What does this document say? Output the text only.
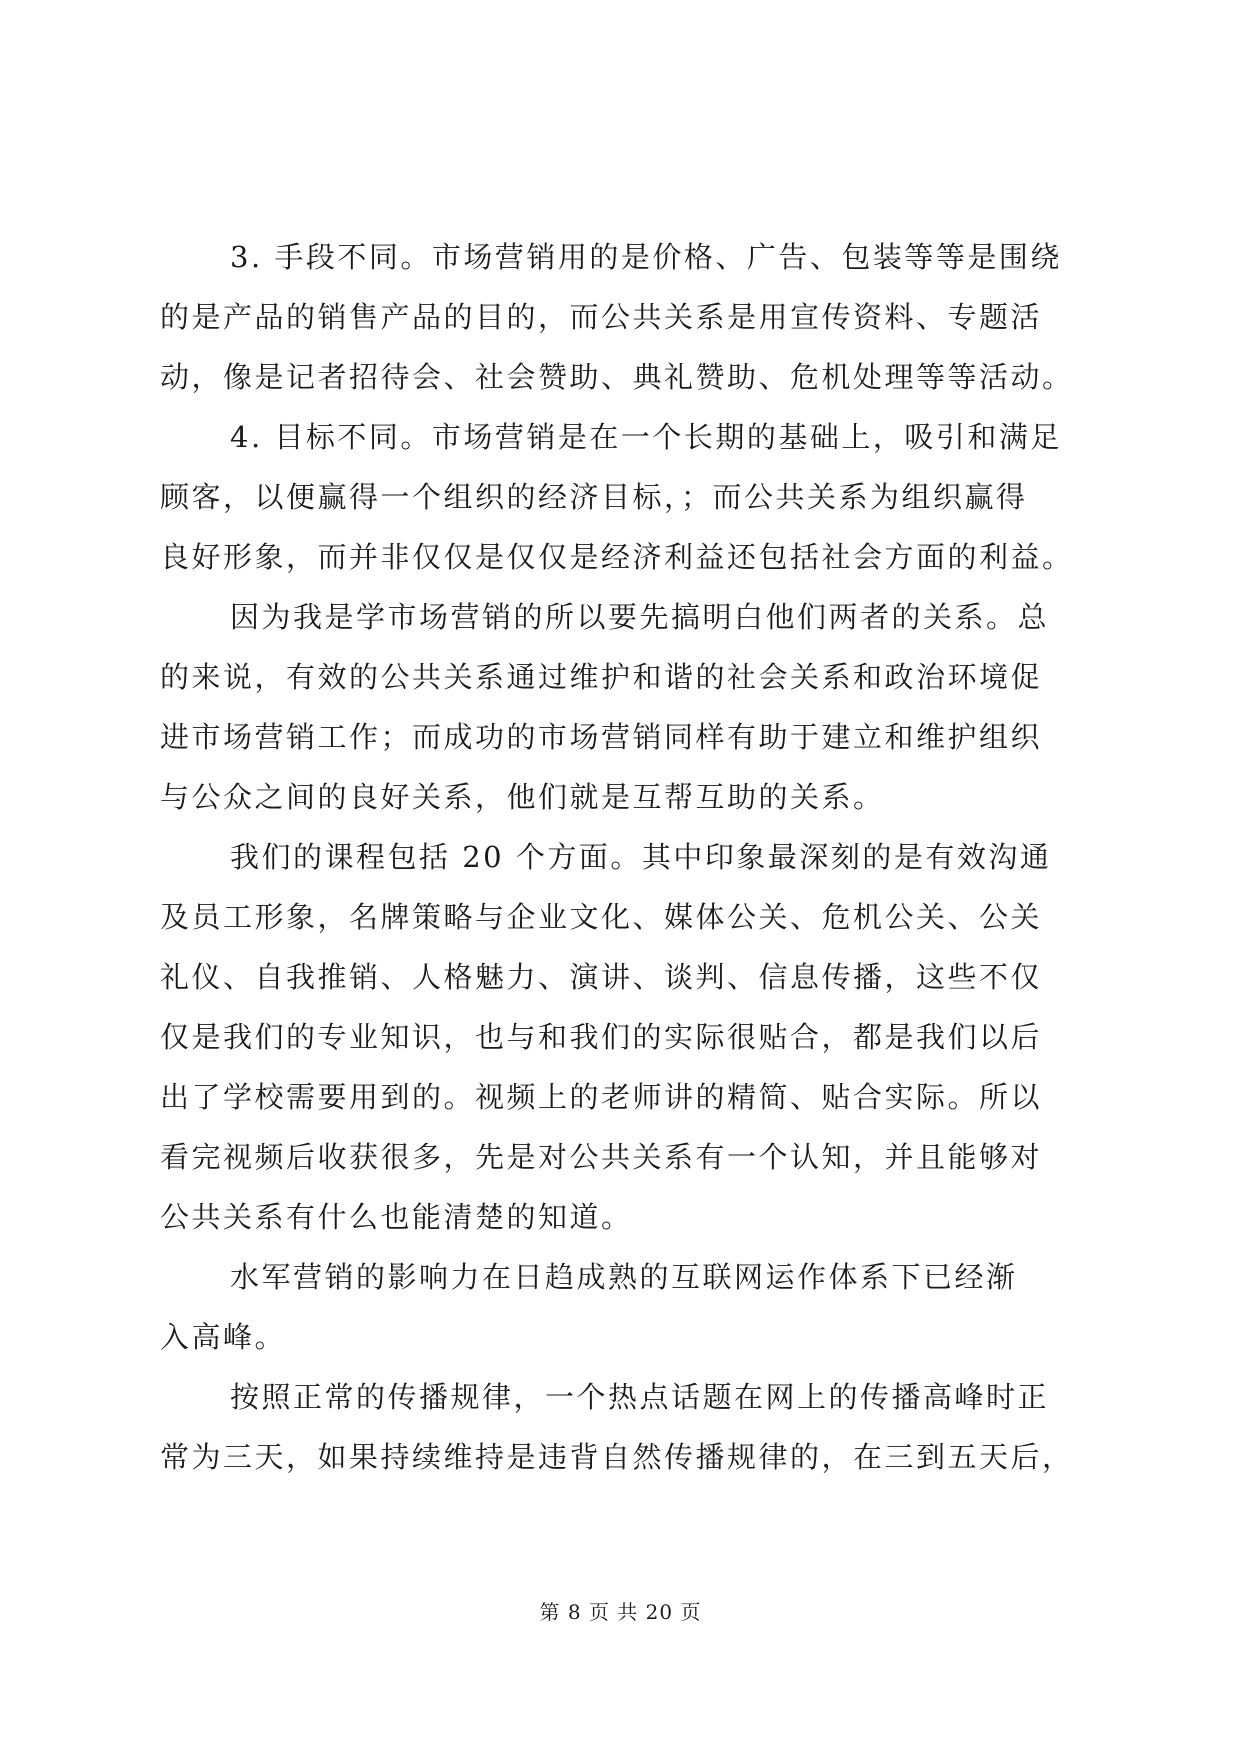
3. 手段不同。市场营销用的是价格、广告、包装等等是围绕
的是产品的销售产品的目的，而公共关系是用宣传资料、专题活
动，像是记者招待会、社会赞助、典礼赞助、危机处理等等活动。
4. 目标不同。市场营销是在一个长期的基础上，吸引和满足
顾客，以便赢得一个组织的经济目标，；而公共关系为组织赢得
良好形象，而并非仅仅是仅仅是经济利益还包括社会方面的利益。
因为我是学市场营销的所以要先搞明白他们两者的关系。总
的来说，有效的公共关系通过维护和谐的社会关系和政治环境促
进市场营销工作；而成功的市场营销同样有助于建立和维护组织
与公众之间的良好关系，他们就是互帮互助的关系。
我们的课程包括 20 个方面。其中印象最深刻的是有效沟通
及员工形象，名牌策略与企业文化、媒体公关、危机公关、公关
礼仪、自我推销、人格魅力、演讲、谈判、信息传播，这些不仅
仅是我们的专业知识，也与和我们的实际很贴合，都是我们以后
出了学校需要用到的。视频上的老师讲的精简、贴合实际。所以
看完视频后收获很多，先是对公共关系有一个认知，并且能够对
公共关系有什么也能清楚的知道。
水军营销的影响力在日趋成熟的互联网运作体系下已经渐
入高峰。
按照正常的传播规律，一个热点话题在网上的传播高峰时正
常为三天，如果持续维持是违背自然传播规律的，在三到五天后，
第 8 页 共 20 页
